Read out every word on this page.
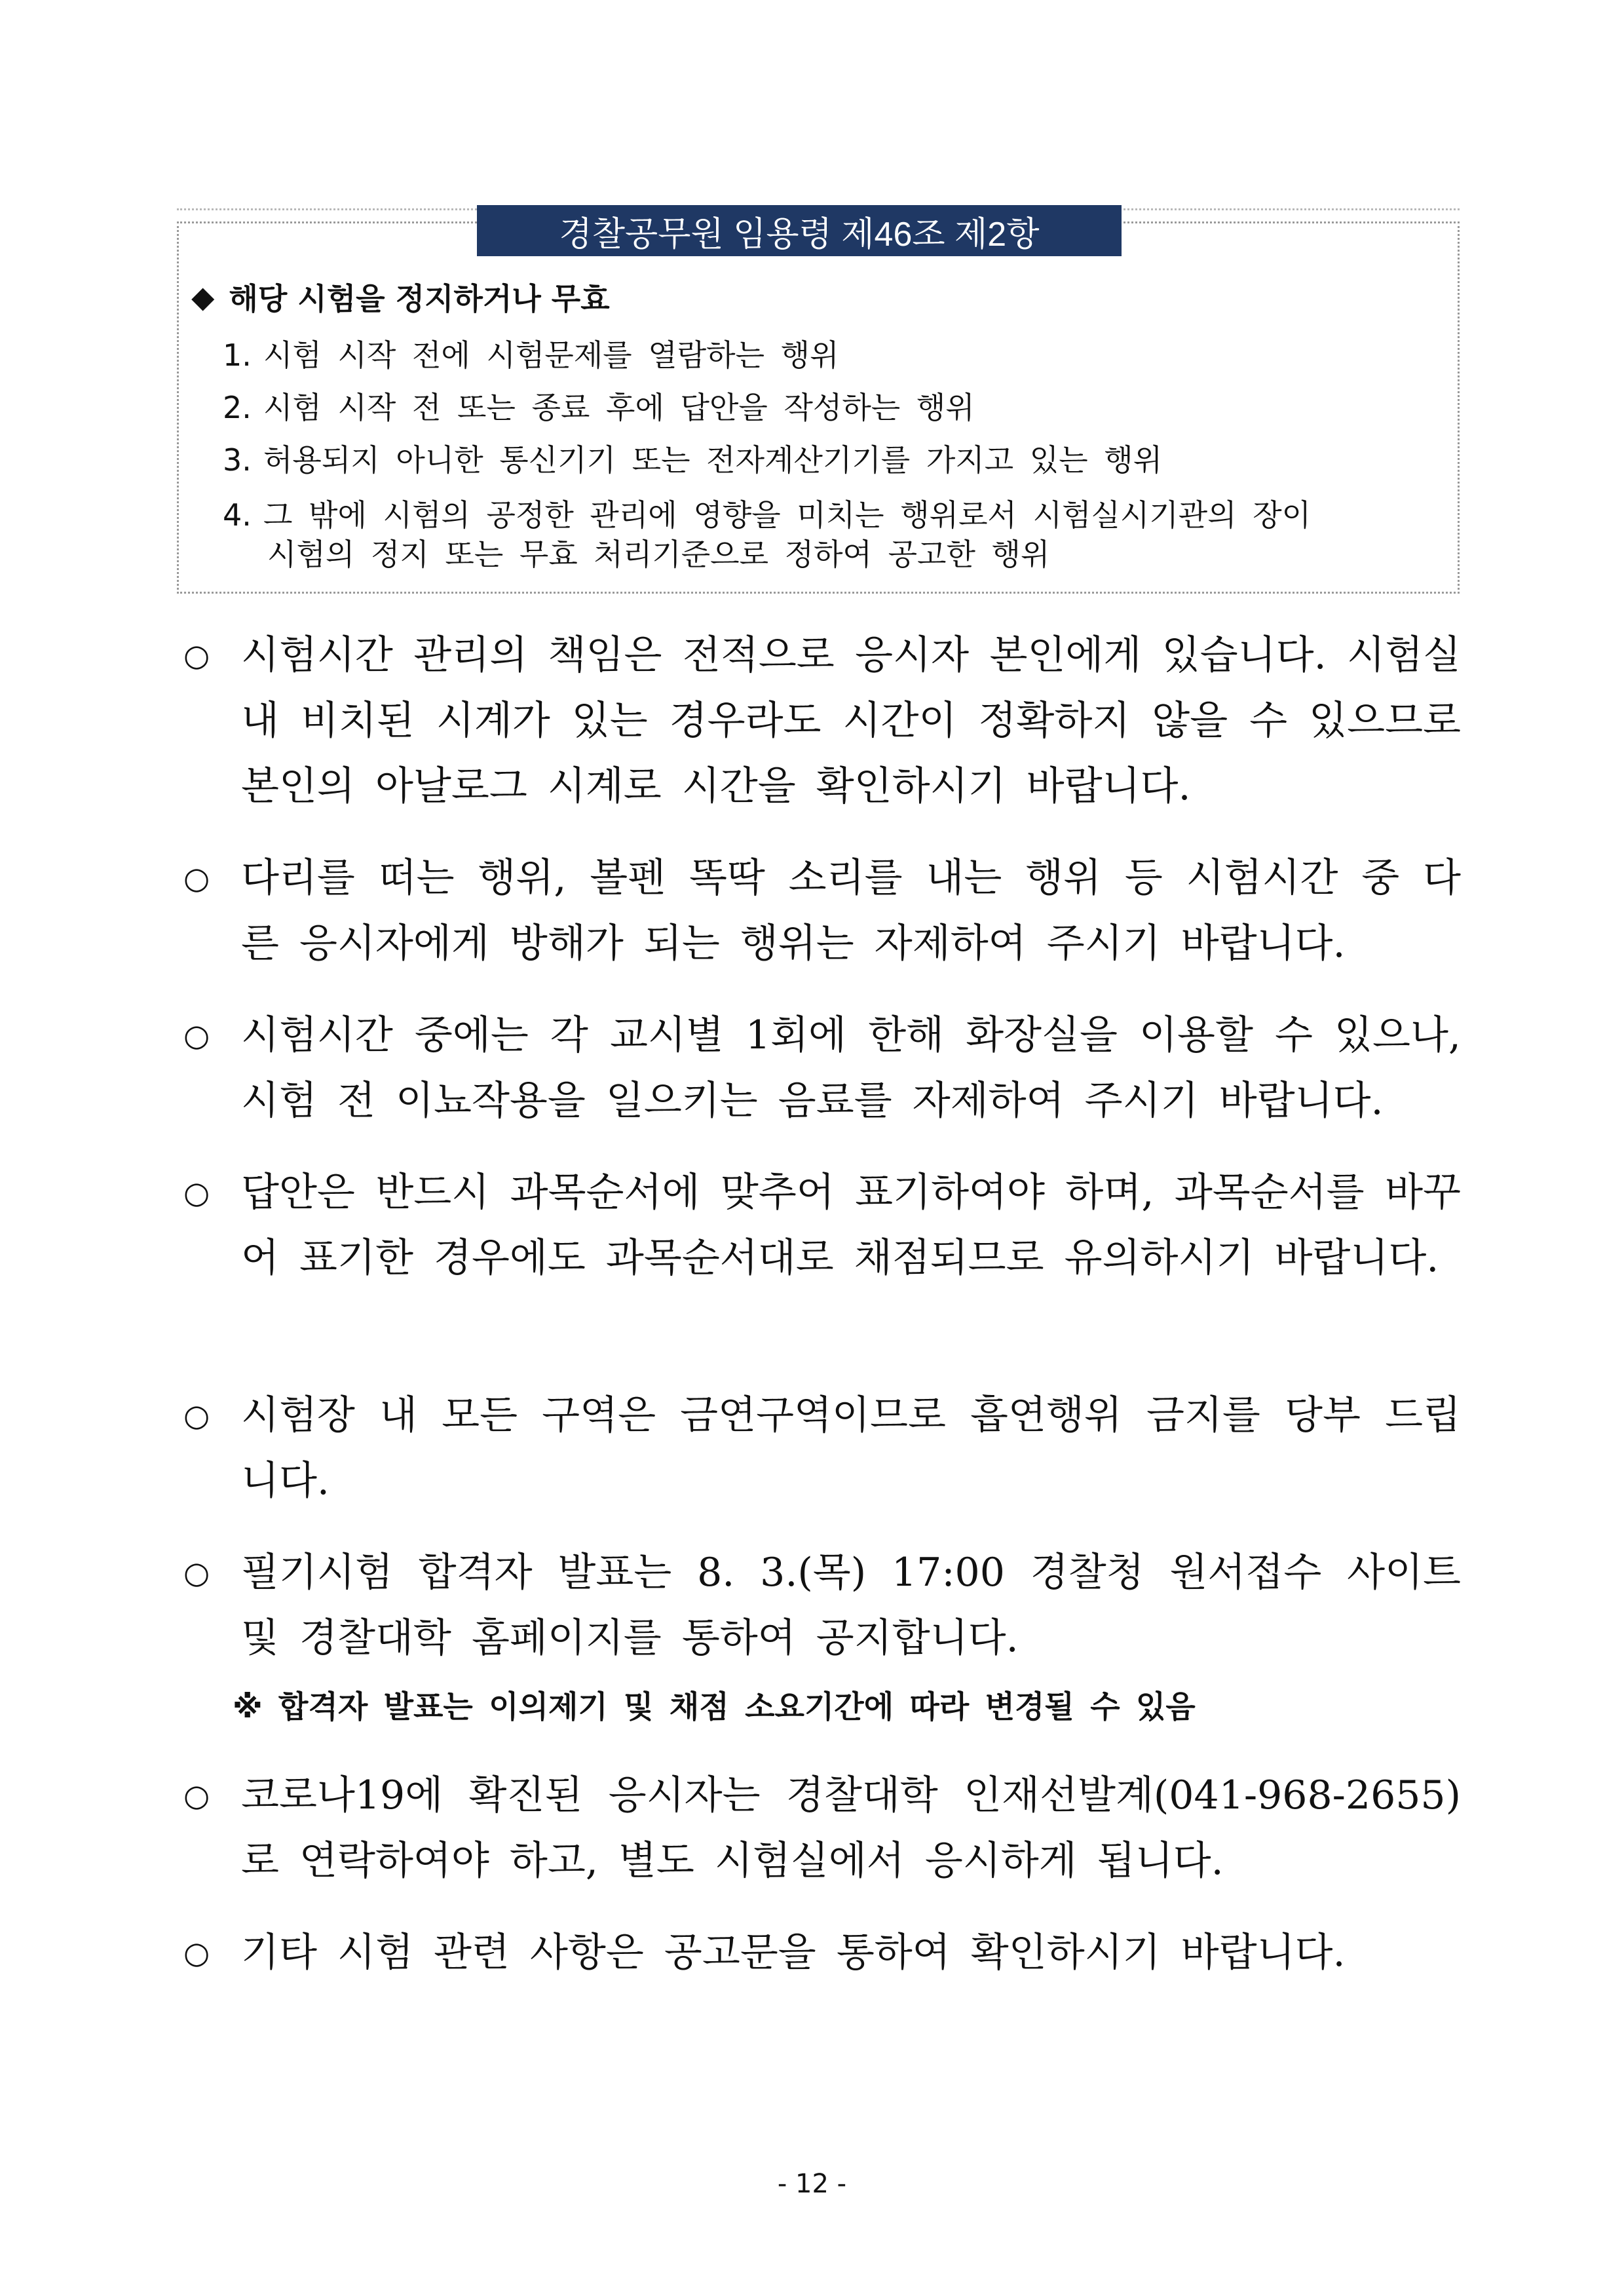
경찰공무원 임용령 제46조 제2항
◆ 해당 시험을 정지하거나 무효
1. 시험 시작 전에 시험문제를 열람하는 행위
2. 시험 시작 전 또는 종료 후에 답안을 작성하는 행위
3. 허용되지 아니한 통신기기 또는 전자계산기기를 가지고 있는 행위
4. 그 밖에 시험의 공정한 관리에 영향을 미치는 행위로서 시험실시기관의 장이
시험의 정지 또는 무효 처리기준으로 정하여 공고한 행위
○ 시험시간 관리의 책임은 전적으로 응시자 본인에게 있습니다. 시험실 내 비치된 시계가 있는 경우라도 시간이 정확하지 않을 수 있으므로 본인의 아날로그 시계로 시간을 확인하시기 바랍니다.
○ 다리를 떠는 행위, 볼펜 똑딱 소리를 내는 행위 등 시험시간 중 다른 응시자에게 방해가 되는 행위는 자제하여 주시기 바랍니다.
○ 시험시간 중에는 각 교시별 1회에 한해 화장실을 이용할 수 있으나, 시험 전 이뇨작용을 일으키는 음료를 자제하여 주시기 바랍니다.
○ 답안은 반드시 과목순서에 맞추어 표기하여야 하며, 과목순서를 바꾸어 표기한 경우에도 과목순서대로 채점되므로 유의하시기 바랍니다.
○ 시험장 내 모든 구역은 금연구역이므로 흡연행위 금지를 당부 드립니다.
○ 필기시험 합격자 발표는 8. 3.(목) 17:00 경찰청 원서접수 사이트 및 경찰대학 홈페이지를 통하여 공지합니다.
※ 합격자 발표는 이의제기 및 채점 소요기간에 따라 변경될 수 있음
○ 코로나19에 확진된 응시자는 경찰대학 인재선발계(041-968-2655)로 연락하여야 하고, 별도 시험실에서 응시하게 됩니다.
○ 기타 시험 관련 사항은 공고문을 통하여 확인하시기 바랍니다.
- 12 -
